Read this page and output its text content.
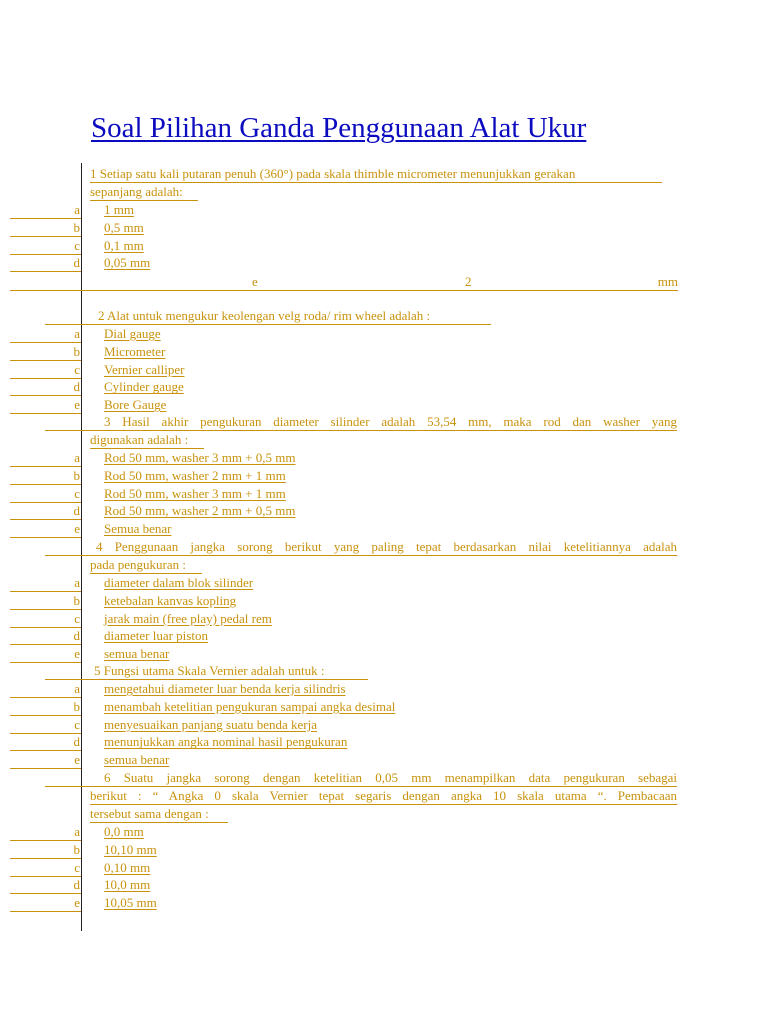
Soal Pilihan Ganda Penggunaan Alat Ukur
1 Setiap satu kali putaran penuh (360°) pada skala thimble micrometer menunjukkan gerakan
sepanjang adalah:
a	1 mm
b	0,5 mm
c	0,1 mm
d	0,05 mm
e	2	mm
2 Alat untuk mengukur keolengan velg roda/ rim wheel adalah :
a	Dial gauge
b	Micrometer
c	Vernier calliper
d	Cylinder gauge
e	Bore Gauge
3 Hasil akhir pengukuran diameter silinder adalah 53,54 mm, maka rod dan washer yang
digunakan adalah :
a	Rod 50 mm, washer 3 mm + 0,5 mm
b	Rod 50 mm, washer 2 mm + 1 mm
c	Rod 50 mm, washer 3 mm + 1 mm
d	Rod 50 mm, washer 2 mm + 0,5 mm
e	Semua benar
4 Penggunaan jangka sorong berikut yang paling tepat berdasarkan nilai ketelitiannya adalah
pada pengukuran :
a	diameter dalam blok silinder
b	ketebalan kanvas kopling
c	jarak main (free play) pedal rem
d	diameter luar piston
e	semua benar
5 Fungsi utama Skala Vernier adalah untuk :
a	mengetahui diameter luar benda kerja silindris
b	menambah ketelitian pengukuran sampai angka desimal
c	menyesuaikan panjang suatu benda kerja
d	menunjukkan angka nominal hasil pengukuran
e	semua benar
6 Suatu jangka sorong dengan ketelitian 0,05 mm menampilkan data pengukuran sebagai
berikut : “ Angka 0 skala Vernier tepat segaris dengan angka 10 skala utama “. Pembacaan
tersebut sama dengan :
a	0,0 mm
b	10,10 mm
c	0,10 mm
d	10,0 mm
e	10,05 mm
